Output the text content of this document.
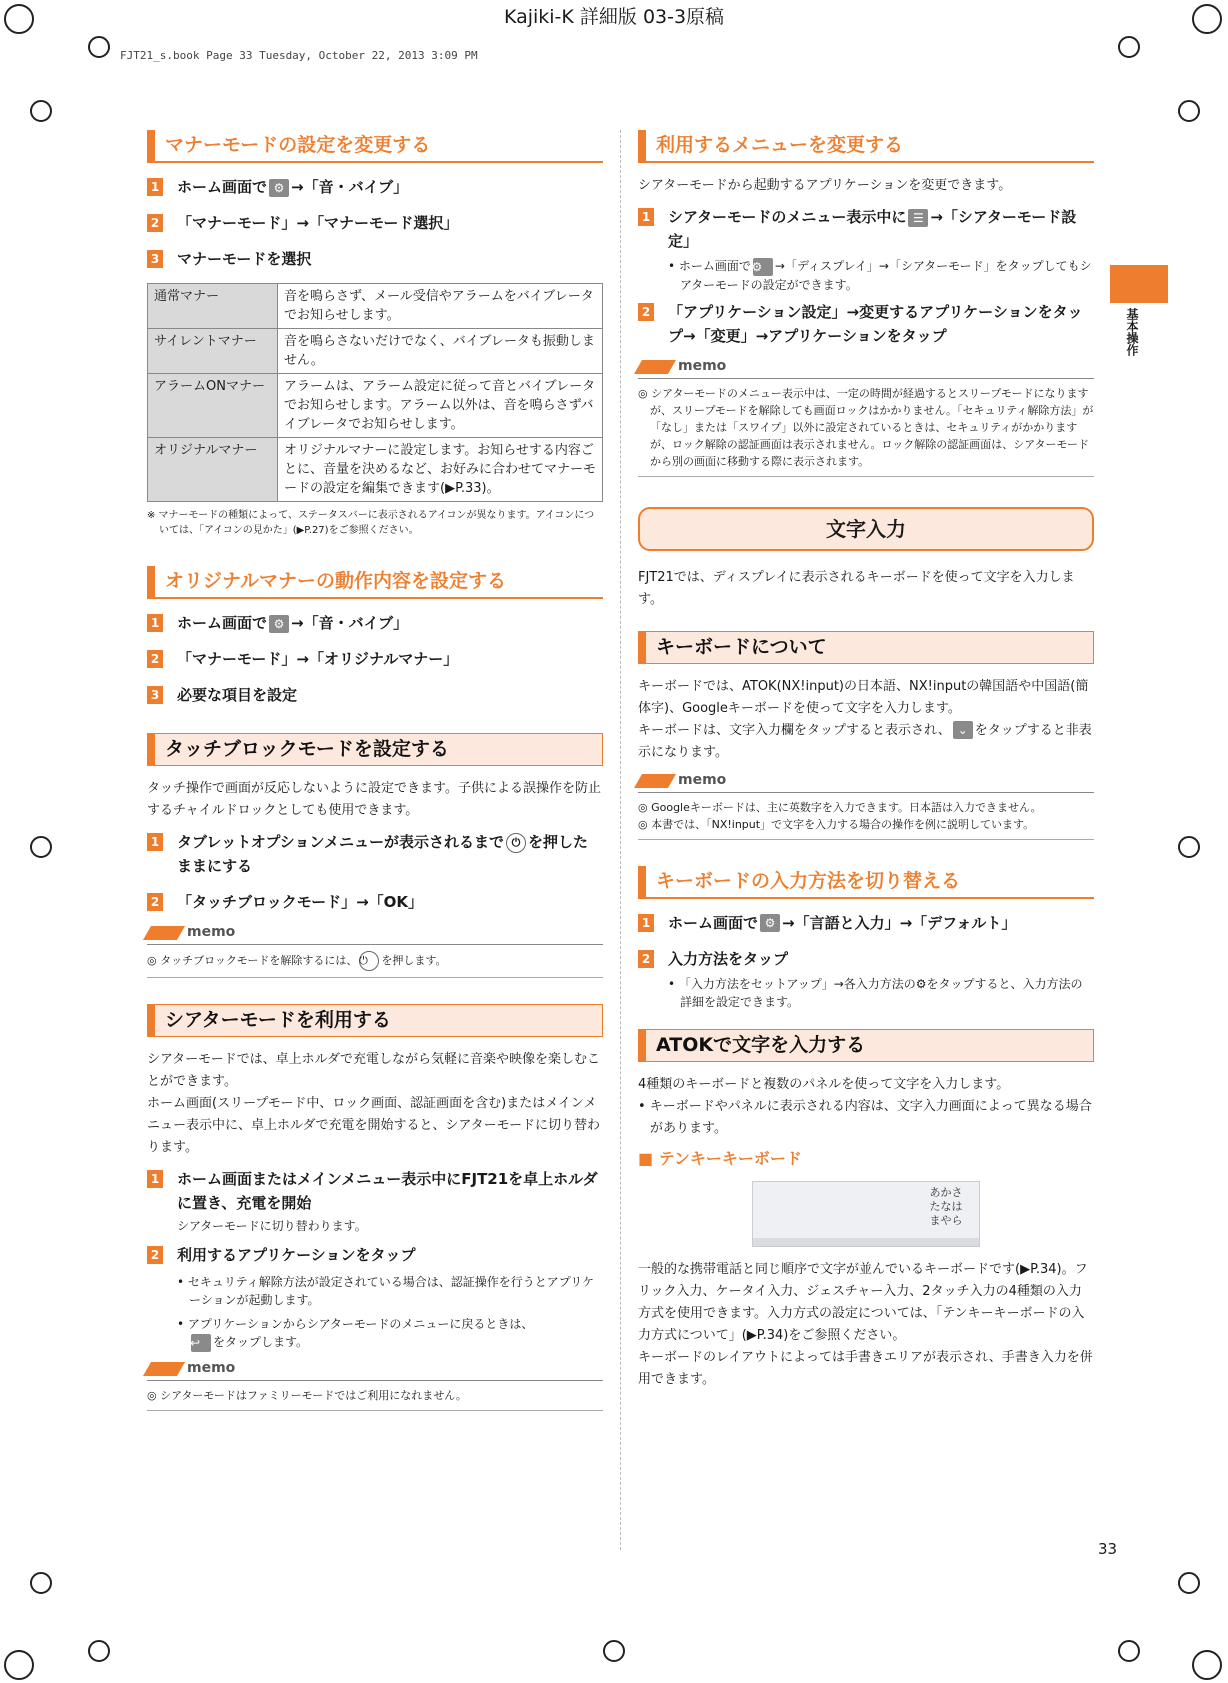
Kajiki-K 詳細版 03-3原稿
FJT21_s.book Page 33 Tuesday, October 22, 2013 3:09 PM
基本操作
33
マナーモードの設定を変更する
1 ホーム画面で ⚙ →「音・バイブ」
2 「マナーモード」→「マナーモード選択」
3 マナーモードを選択
通常マナー	音を鳴らさず、メール受信やアラームをバイブレータでお知らせします。
サイレントマナー	音を鳴らさないだけでなく、バイブレータも振動しません。
アラームONマナー	アラームは、アラーム設定に従って音とバイブレータでお知らせします。アラーム以外は、音を鳴らさずバイブレータでお知らせします。
オリジナルマナー	オリジナルマナーに設定します。お知らせする内容ごとに、音量を決めるなど、お好みに合わせてマナーモードの設定を編集できます(▶P.33)。
※ マナーモードの種類によって、ステータスバーに表示されるアイコンが異なります。アイコンについては、「アイコンの見かた」(▶P.27)をご参照ください。
オリジナルマナーの動作内容を設定する
1 ホーム画面で ⚙ →「音・バイブ」
2 「マナーモード」→「オリジナルマナー」
3 必要な項目を設定
タッチブロックモードを設定する
タッチ操作で画面が反応しないように設定できます。子供による誤操作を防止するチャイルドロックとしても使用できます。
1 タブレットオプションメニューが表示されるまで ⏻ を押したままにする
2 「タッチブロックモード」→「OK」
memo

◎ タッチブロックモードを解除するには、 ⏻ を押します。

シアターモードを利用する
シアターモードでは、卓上ホルダで充電しながら気軽に音楽や映像を楽しむことができます。
ホーム画面(スリープモード中、ロック画面、認証画面を含む)またはメインメニュー表示中に、卓上ホルダで充電を開始すると、シアターモードに切り替わります。
1 ホーム画面またはメインメニュー表示中にFJT21を卓上ホルダに置き、充電を開始
シアターモードに切り替わります。
2 利用するアプリケーションをタップ
• セキュリティ解除方法が設定されている場合は、認証操作を行うとアプリケーションが起動します。
• アプリケーションからシアターモードのメニューに戻るときは、
↩ をタップします。
memo

◎ シアターモードはファミリーモードではご利用になれません。

利用するメニューを変更する
シアターモードから起動するアプリケーションを変更できます。
1 シアターモードのメニュー表示中に ☰ →「シアターモード設定」
• ホーム画面で⚙ →「ディスプレイ」→「シアターモード」をタップしてもシアターモードの設定ができます。
2 「アプリケーション設定」→変更するアプリケーションをタップ→「変更」→アプリケーションをタップ
memo

◎ シアターモードのメニュー表示中は、一定の時間が経過するとスリープモードになりますが、スリープモードを解除しても画面ロックはかかりません。「セキュリティ解除方法」が「なし」または「スワイプ」以外に設定されているときは、セキュリティがかかりますが、ロック解除の認証画面は表示されません。ロック解除の認証画面は、シアターモードから別の画面に移動する際に表示されます。

文字入力
FJT21では、ディスプレイに表示されるキーボードを使って文字を入力します。
キーボードについて
キーボードでは、ATOK(NX!input)の日本語、NX!inputの韓国語や中国語(簡体字)、Googleキーボードを使って文字を入力します。
キーボードは、文字入力欄をタップすると表示され、 ⌄ をタップすると非表示になります。
memo

◎ Googleキーボードは、主に英数字を入力できます。日本語は入力できません。

◎ 本書では、「NX!input」で文字を入力する場合の操作を例に説明しています。

キーボードの入力方法を切り替える
1 ホーム画面で ⚙ →「言語と入力」→「デフォルト」
2 入力方法をタップ
• 「入力方法をセットアップ」→各入力方法の⚙をタップすると、入力方法の詳細を設定できます。
ATOKで文字を入力する
4種類のキーボードと複数のパネルを使って文字を入力します。
• キーボードやパネルに表示される内容は、文字入力画面によって異なる場合があります。
■ テンキーキーボード
あかさ
たなは
まやら
一般的な携帯電話と同じ順序で文字が並んでいるキーボードです(▶P.34)。フリック入力、ケータイ入力、ジェスチャー入力、2タッチ入力の4種類の入力方式を使用できます。入力方式の設定については、「テンキーキーボードの入力方式について」(▶P.34)をご参照ください。
キーボードのレイアウトによっては手書きエリアが表示され、手書き入力を併用できます。
